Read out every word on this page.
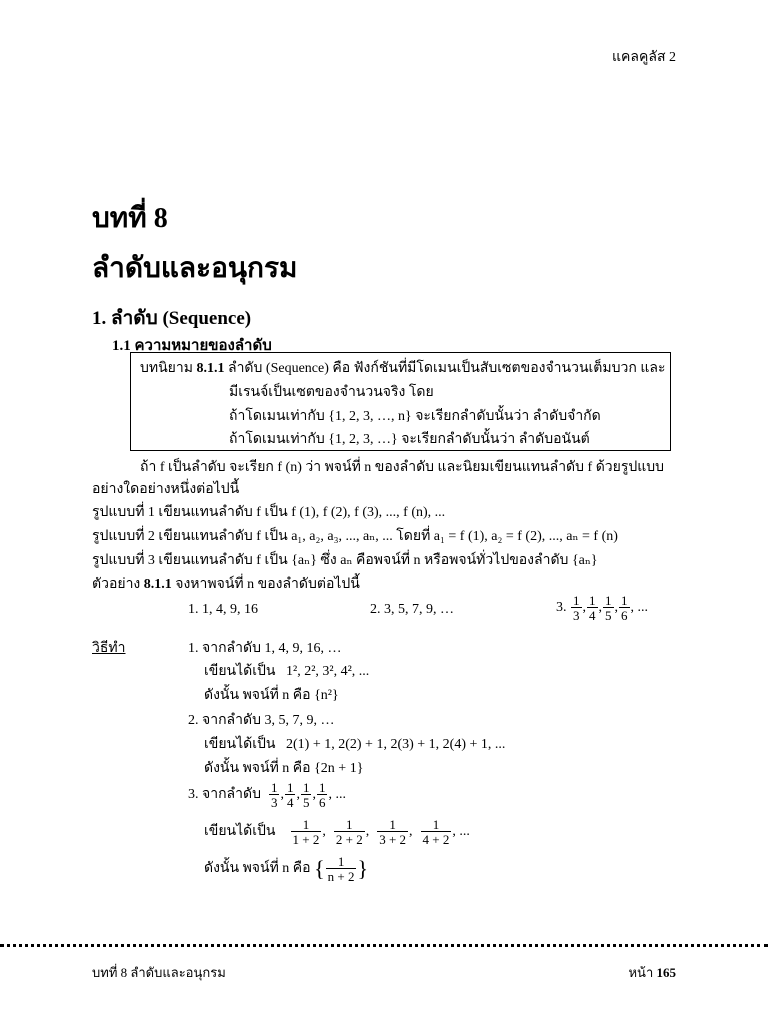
แคลคูลัส 2
บทที่ 8
ลำดับและอนุกรม
1. ลำดับ (Sequence)
1.1 ความหมายของลำดับ
บทนิยาม 8.1.1 ลำดับ (Sequence) คือ ฟังก์ชันที่มีโดเมนเป็นสับเซตของจำนวนเต็มบวก และ
มีเรนจ์เป็นเซตของจำนวนจริง โดย
ถ้าโดเมนเท่ากับ {1, 2, 3, …, n} จะเรียกลำดับนั้นว่า ลำดับจำกัด
ถ้าโดเมนเท่ากับ {1, 2, 3, …} จะเรียกลำดับนั้นว่า ลำดับอนันต์
ถ้า f เป็นลำดับ จะเรียก f (n) ว่า พจน์ที่ n ของลำดับ และนิยมเขียนแทนลำดับ f ด้วยรูปแบบ
อย่างใดอย่างหนึ่งต่อไปนี้
รูปแบบที่ 1 เขียนแทนลำดับ f เป็น f (1), f (2), f (3), ..., f (n), ...
รูปแบบที่ 2 เขียนแทนลำดับ f เป็น a₁, a₂, a₃, ..., aₙ, ... โดยที่ a₁ = f (1), a₂ = f (2), ..., aₙ = f (n)
รูปแบบที่ 3 เขียนแทนลำดับ f เป็น {aₙ} ซึ่ง aₙ คือพจน์ที่ n หรือพจน์ทั่วไปของลำดับ {aₙ}
ตัวอย่าง 8.1.1 จงหาพจน์ที่ n ของลำดับต่อไปนี้
1. 1, 4, 9, 16	2. 3, 5, 7, 9, …	3. $\frac{1}{3}$ , $\frac{1}{4}$ , $\frac{1}{5}$ , $\frac{1}{6}$ , ...
วิธีทำ	1. จากลำดับ 1, 4, 9, 16, …
เขียนได้เป็น 1², 2², 3², 4², ...
ดังนั้น พจน์ที่ n คือ {n²}
2. จากลำดับ 3, 5, 7, 9, …
เขียนได้เป็น 2(1) + 1, 2(2) + 1, 2(3) + 1, 2(4) + 1, ...
ดังนั้น พจน์ที่ n คือ {2n + 1}
3. จากลำดับ $\frac{1}{3}$ , $\frac{1}{4}$ , $\frac{1}{5}$ , $\frac{1}{6}$ , ...
เขียนได้เป็น $\frac{1}{1 + 2}$ , $\frac{1}{2 + 2}$ , $\frac{1}{3 + 2}$ , $\frac{1}{4 + 2}$ , ...
ดังนั้น พจน์ที่ n คือ { $\frac{1}{n + 2}$ }
บทที่ 8 ลำดับและอนุกรม	หน้า 165
